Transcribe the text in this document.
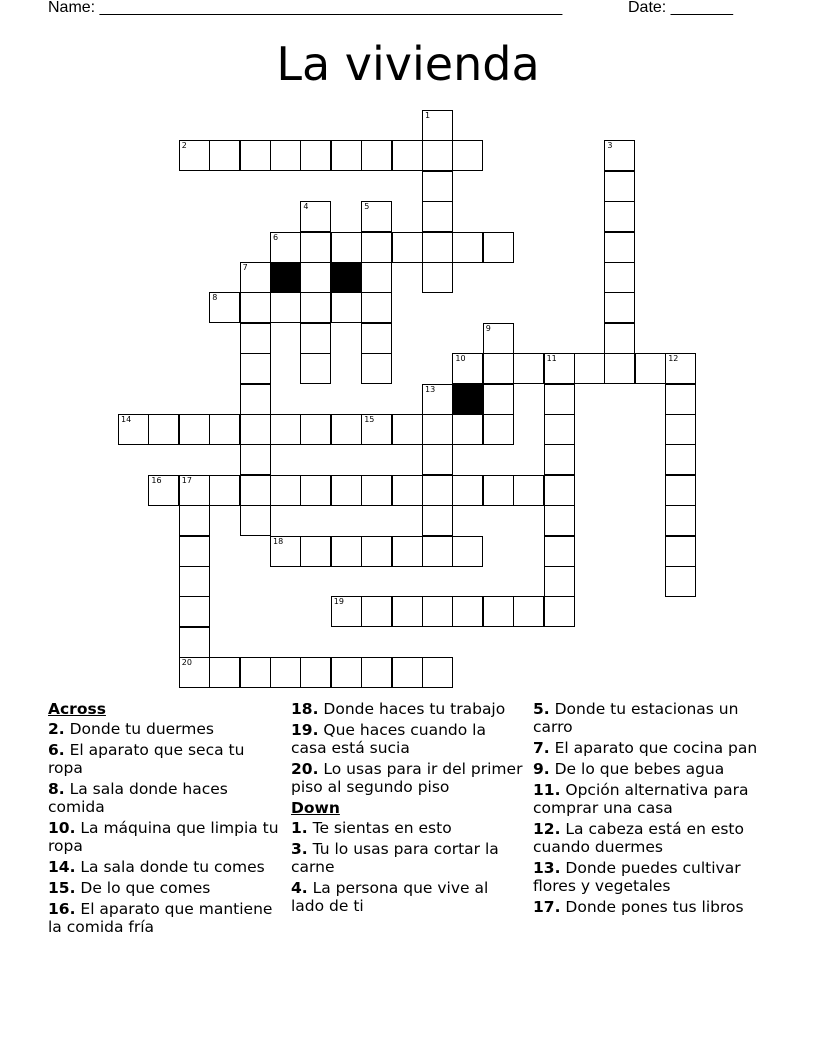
Name: ____________________________________________________	Date: _______
La vivienda
1
2	3
4	5
6
7
8
9
10	11	12
13
14	15
16	17
18
19
20
Across
2. Donde tu duermes
6. El aparato que seca tu ropa
8. La sala donde haces comida
10. La máquina que limpia tu ropa
14. La sala donde tu comes
15. De lo que comes
16. El aparato que mantiene la comida fría
18. Donde haces tu trabajo
19. Que haces cuando la casa está sucia
20. Lo usas para ir del primer piso al segundo piso
Down
1. Te sientas en esto
3. Tu lo usas para cortar la carne
4. La persona que vive al lado de ti
5. Donde tu estacionas un carro
7. El aparato que cocina pan
9. De lo que bebes agua
11. Opción alternativa para comprar una casa
12. La cabeza está en esto cuando duermes
13. Donde puedes cultivar flores y vegetales
17. Donde pones tus libros
